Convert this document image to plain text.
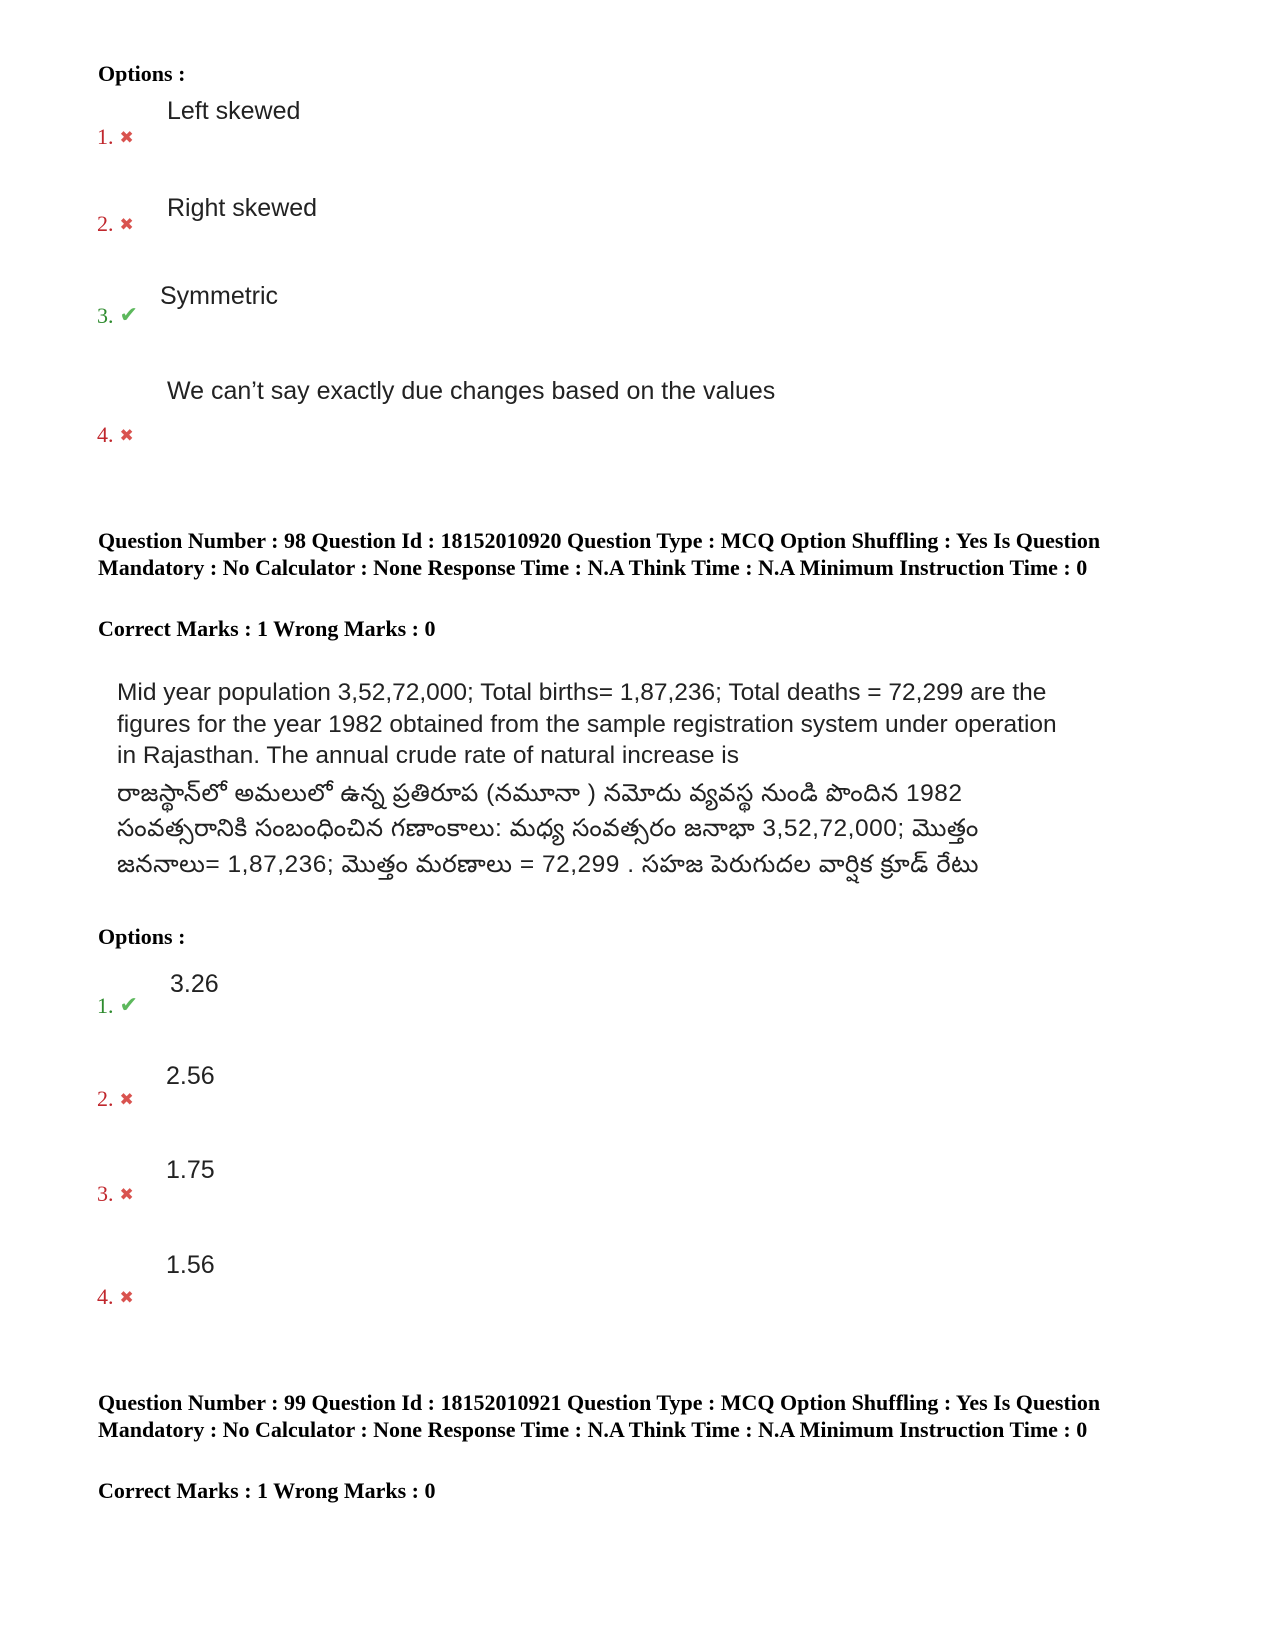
Options :
Left skewed
1. ✖
Right skewed
2. ✖
Symmetric
3. ✔
We can’t say exactly due changes based on the values
4. ✖
Question Number : 98 Question Id : 18152010920 Question Type : MCQ Option Shuffling : Yes Is Question Mandatory : No Calculator : None Response Time : N.A Think Time : N.A Minimum Instruction Time : 0
Correct Marks : 1 Wrong Marks : 0

Mid year population 3,52,72,000; Total births= 1,87,236; Total deaths = 72,299 are the figures for the year 1982 obtained from the sample registration system under operation in Rajasthan. The annual crude rate of natural increase is

రాజస్థాన్‌లో అమలులో ఉన్న ప్రతిరూప (నమూనా ) నమోదు వ్యవస్థ నుండి పొందిన 1982 సంవత్సరానికి సంబంధించిన గణాంకాలు: మధ్య సంవత్సరం జనాభా 3,52,72,000; మొత్తం జననాలు= 1,87,236; మొత్తం మరణాలు = 72,299 . సహజ పెరుగుదల వార్షిక క్రూడ్ రేటు

Options :
3.26
1. ✔
2.56
2. ✖
1.75
3. ✖
1.56
4. ✖
Question Number : 99 Question Id : 18152010921 Question Type : MCQ Option Shuffling : Yes Is Question Mandatory : No Calculator : None Response Time : N.A Think Time : N.A Minimum Instruction Time : 0
Correct Marks : 1 Wrong Marks : 0
